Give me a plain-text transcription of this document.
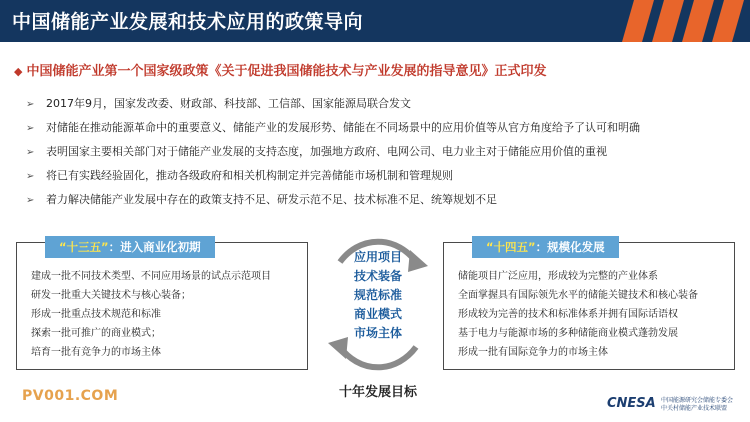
中国储能产业发展和技术应用的政策导向
◆ 中国储能产业第一个国家级政策《关于促进我国储能技术与产业发展的指导意见》正式印发
➢ 2017年9月，国家发改委、财政部、科技部、工信部、国家能源局联合发文
➢ 对储能在推动能源革命中的重要意义、储能产业的发展形势、储能在不同场景中的应用价值等从官方角度给予了认可和明确
➢ 表明国家主要相关部门对于储能产业发展的支持态度，加强地方政府、电网公司、电力业主对于储能应用价值的重视
➢ 将已有实践经验固化，推动各级政府和相关机构制定并完善储能市场机制和管理规则
➢ 着力解决储能产业发展中存在的政策支持不足、研发示范不足、技术标准不足、统筹规划不足
“十三五”：进入商业化初期
建成一批不同技术类型、不同应用场景的试点示范项目
研发一批重大关键技术与核心装备；
形成一批重点技术规范和标准
探索一批可推广的商业模式；
培育一批有竞争力的市场主体
应用项目
技术装备
规范标准
商业模式
市场主体
十年发展目标
“十四五”：规模化发展
储能项目广泛应用，形成较为完整的产业体系
全面掌握具有国际领先水平的储能关键技术和核心装备
形成较为完善的技术和标准体系并拥有国际话语权
基于电力与能源市场的多种储能商业模式蓬勃发展
形成一批有国际竞争力的市场主体
PV001.COM	CNESA 中国能源研究会储能专委会
中关村储能产业技术联盟
